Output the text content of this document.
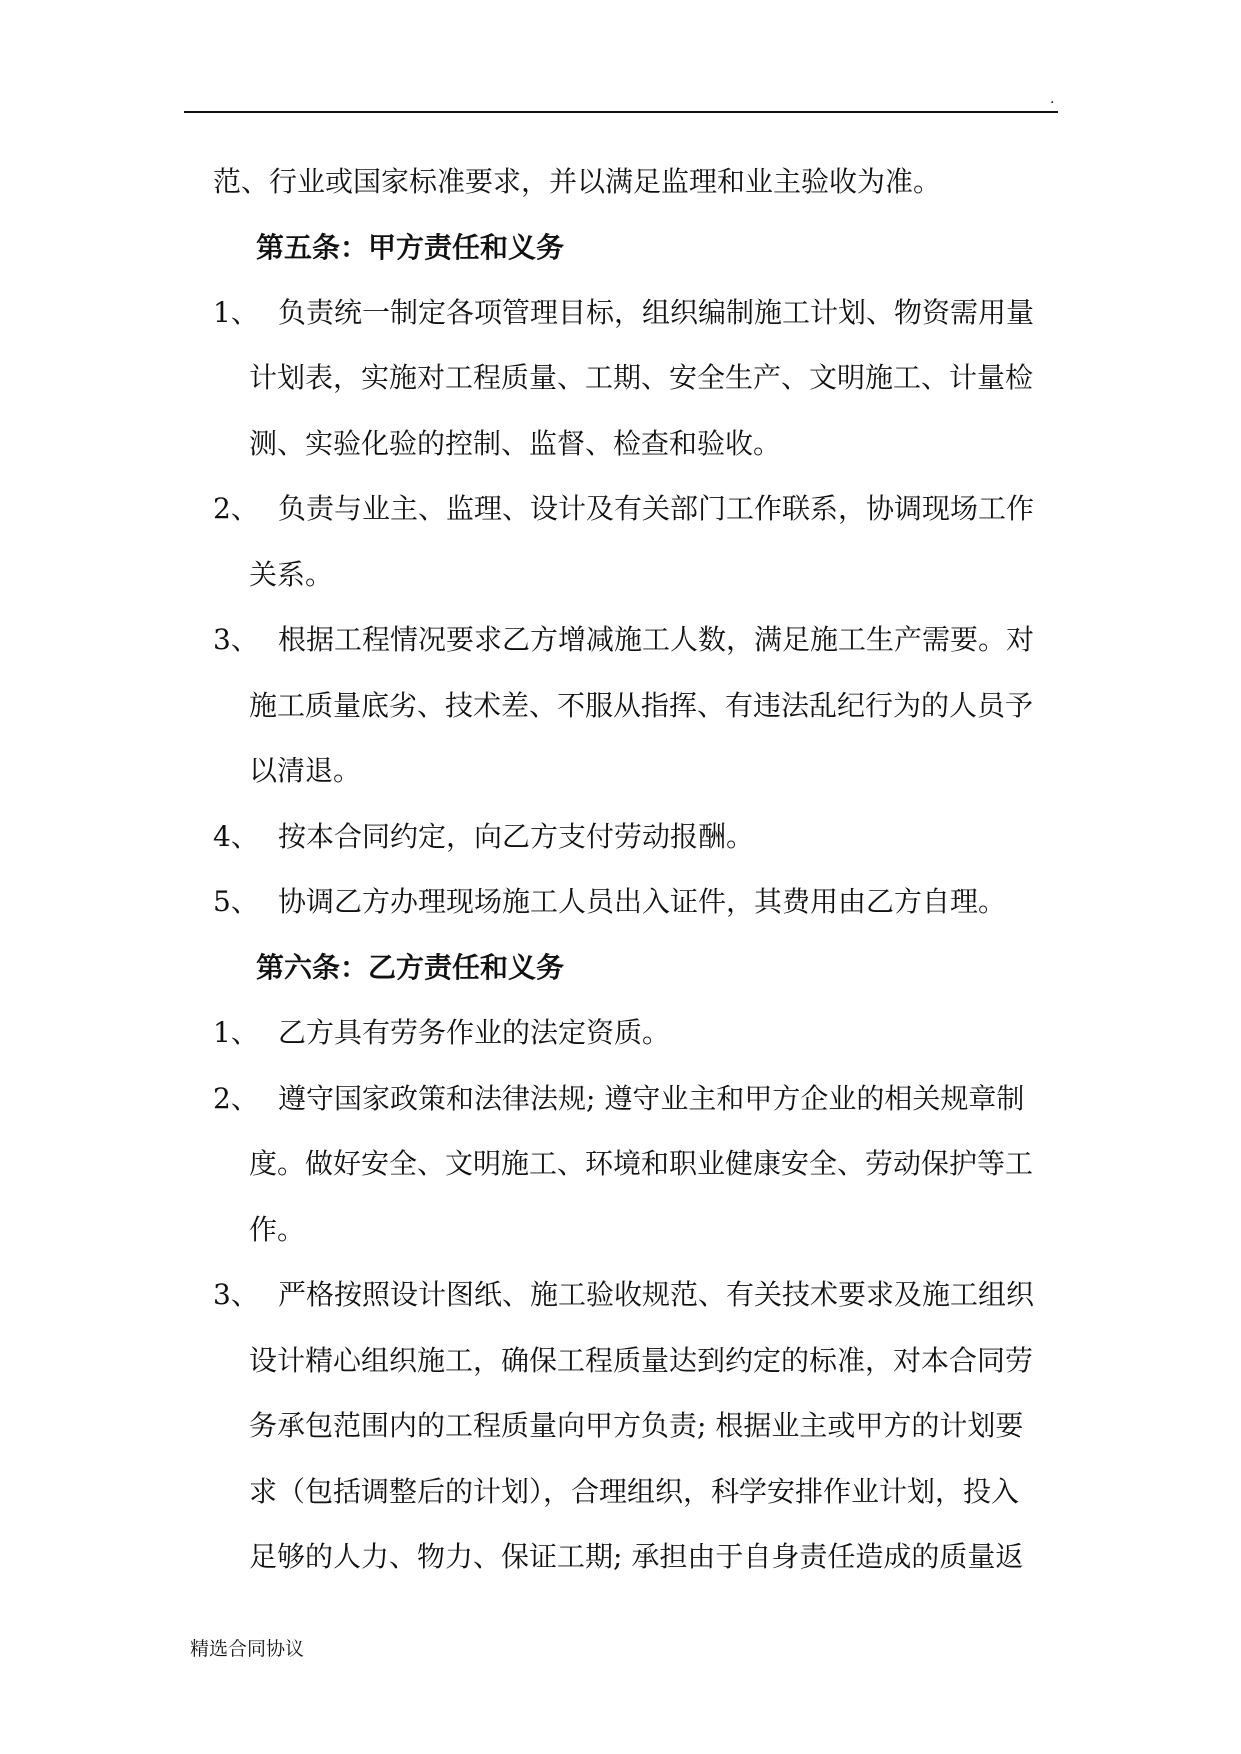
.
范、行业或国家标准要求，并以满足监理和业主验收为准。
第五条：甲方责任和义务
1、 负责统一制定各项管理目标，组织编制施工计划、物资需用量
计划表，实施对工程质量、工期、安全生产、文明施工、计量检
测、实验化验的控制、监督、检查和验收。
2、 负责与业主、监理、设计及有关部门工作联系，协调现场工作
关系。
3、 根据工程情况要求乙方增减施工人数，满足施工生产需要。对
施工质量底劣、技术差、不服从指挥、有违法乱纪行为的人员予
以清退。
4、 按本合同约定，向乙方支付劳动报酬。
5、 协调乙方办理现场施工人员出入证件，其费用由乙方自理。
第六条：乙方责任和义务
1、 乙方具有劳务作业的法定资质。
2、 遵守国家政策和法律法规; 遵守业主和甲方企业的相关规章制
度。做好安全、文明施工、环境和职业健康安全、劳动保护等工
作。
3、 严格按照设计图纸、施工验收规范、有关技术要求及施工组织
设计精心组织施工，确保工程质量达到约定的标准，对本合同劳
务承包范围内的工程质量向甲方负责; 根据业主或甲方的计划要
求（包括调整后的计划），合理组织，科学安排作业计划，投入
足够的人力、物力、保证工期; 承担由于自身责任造成的质量返
精选合同协议
